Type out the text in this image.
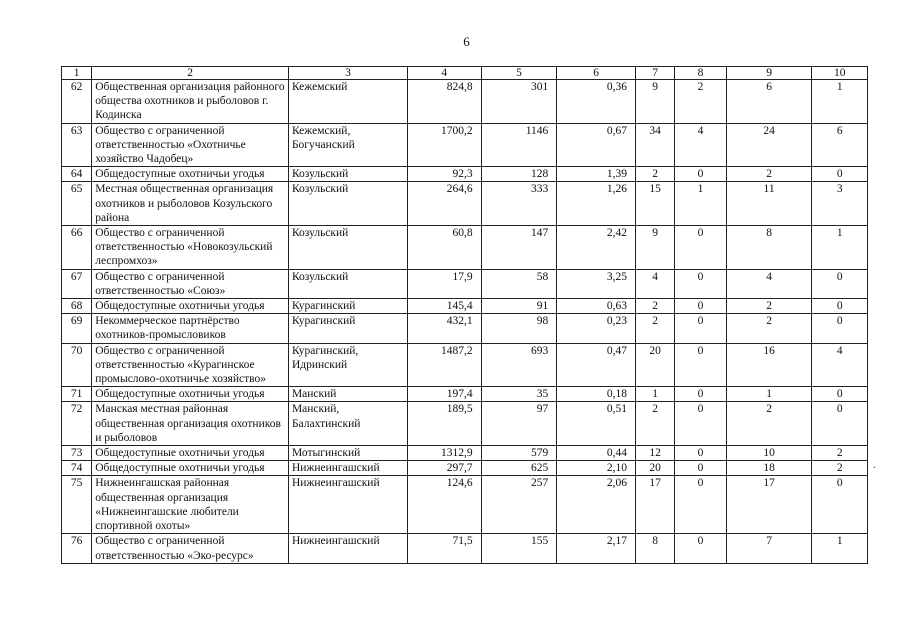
6
1	2	3	4	5	6	7	8	9	10
62	Общественная организация районного общества охотников и рыболовов г. Кодинска	Кежемский	824,8	301	0,36	9	2	6	1
63	Общество с ограниченной ответственностью «Охотничье хозяйство Чадобец»	Кежемский, Богучанский	1700,2	1146	0,67	34	4	24	6
64	Общедоступные охотничьи угодья	Козульский	92,3	128	1,39	2	0	2	0
65	Местная общественная организация охотников и рыболовов Козульского района	Козульский	264,6	333	1,26	15	1	11	3
66	Общество с ограниченной ответственностью «Новокозульский леспромхоз»	Козульский	60,8	147	2,42	9	0	8	1
67	Общество с ограниченной ответственностью «Союз»	Козульский	17,9	58	3,25	4	0	4	0
68	Общедоступные охотничьи угодья	Курагинский	145,4	91	0,63	2	0	2	0
69	Некоммерческое партнёрство охотников-промысловиков	Курагинский	432,1	98	0,23	2	0	2	0
70	Общество с ограниченной ответственностью «Курагинское промыслово-охотничье хозяйство»	Курагинский, Идринский	1487,2	693	0,47	20	0	16	4
71	Общедоступные охотничьи угодья	Манский	197,4	35	0,18	1	0	1	0
72	Манская местная районная общественная организация охотников и рыболовов	Манский, Балахтинский	189,5	97	0,51	2	0	2	0
73	Общедоступные охотничьи угодья	Мотыгинский	1312,9	579	0,44	12	0	10	2
74	Общедоступные охотничьи угодья	Нижнеингашский	297,7	625	2,10	20	0	18	2
75	Нижнеингашская районная общественная организация «Нижнеингашские любители спортивной охоты»	Нижнеингашский	124,6	257	2,06	17	0	17	0
76	Общество с ограниченной ответственностью «Эко-ресурс»	Нижнеингашский	71,5	155	2,17	8	0	7	1
.
